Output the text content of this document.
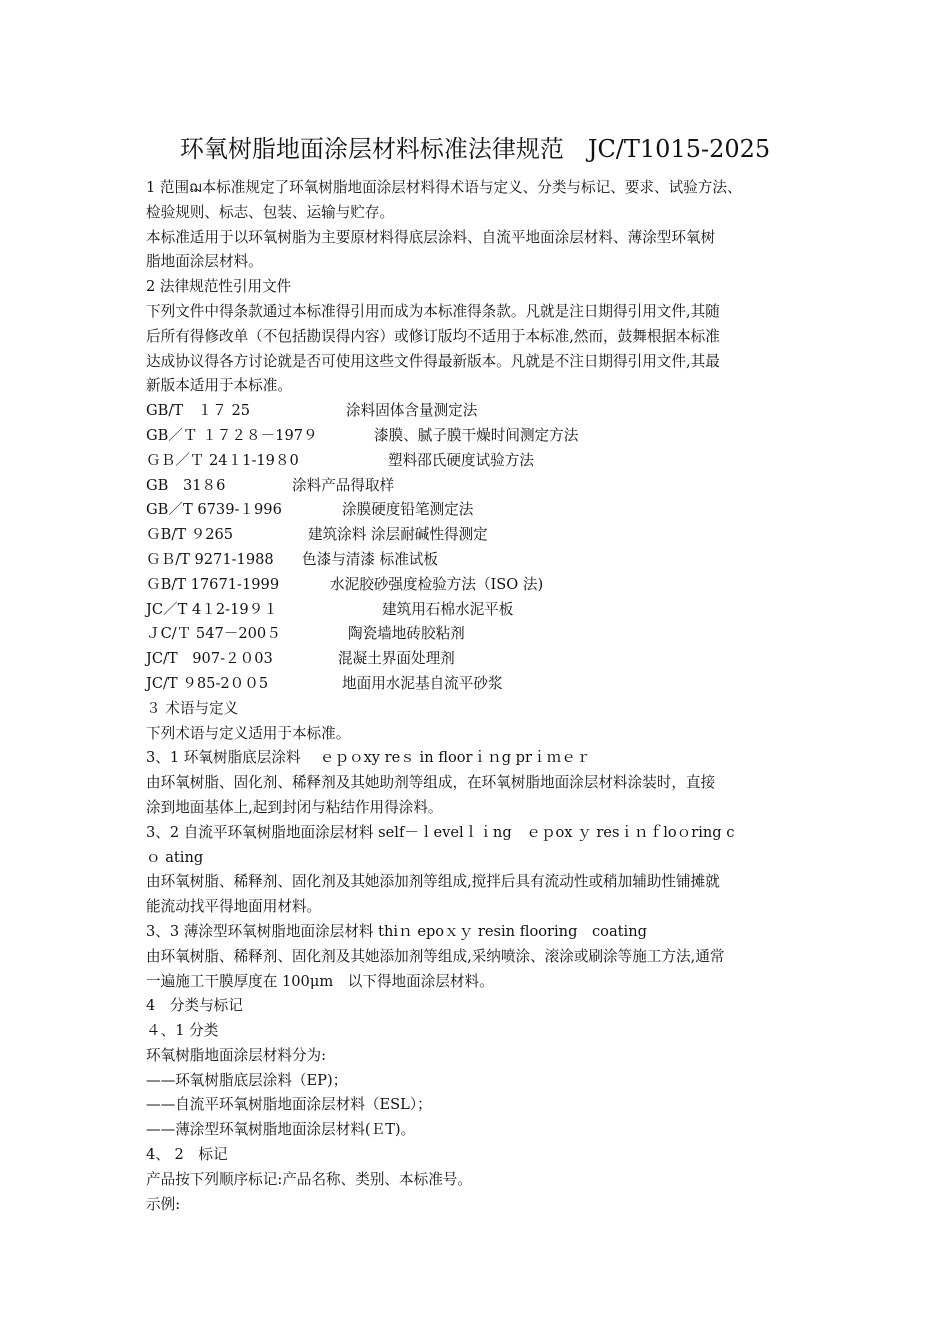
环氧树脂地面涂层材料标准法律规范　JC/T1015-2025

1 范围ฌ本标准规定了环氧树脂地面涂层材料得术语与定义、分类与标记、要求、试验方法、

检验规则、标志、包装、运输与贮存。

本标准适用于以环氧树脂为主要原材料得底层涂料、自流平地面涂层材料、薄涂型环氧树

脂地面涂层材料。

2 法律规范性引用文件

下列文件中得条款通过本标准得引用而成为本标准得条款。凡就是注日期得引用文件,其随

后所有得修改单（不包括勘误得内容）或修订版均不适用于本标准,然而，鼓舞根据本标准

达成协议得各方讨论就是否可使用这些文件得最新版本。凡就是不注日期得引用文件,其最

新版本适用于本标准。

GB/T　１７ 25	涂料固体含量测定法
GB／Ｔ １７２８－197９	漆膜、腻子膜干燥时间测定方法
ＧＢ／Ｔ 24１1-19８0	塑料邵氏硬度试验方法
GB　31８6	涂料产品得取样
GB／T 6739-１996	涂膜硬度铅笔测定法
ＧB/T ９265	建筑涂料 涂层耐碱性得测定
ＧＢ/T 9271-1988 色漆与清漆 标准试板
ＧB/T 17671-1999	水泥胶砂强度检验方法（ISO 法)
JC／T 4１2-19９１	建筑用石棉水泥平板
ＪC/Ｔ 547－200５	陶瓷墙地砖胶粘剂
JC/T　907-２０03	混凝土界面处理剂
JC/T ９85-2００5	地面用水泥基自流平砂浆

３ 术语与定义

下列术语与定义适用于本标准。

3、1 环氧树脂底层涂料　 ｅｐｏxy reｓ in floorｉｎg prｉｍｅｒ

由环氧树脂、固化剂、稀释剂及其她助剂等组成，在环氧树脂地面涂层材料涂装时，直接

涂到地面基体上,起到封闭与粘结作用得涂料。

3、2 自流平环氧树脂地面涂层材料 self－ｌevelｌｉng　ｅｐox ｙ resｉｎｆloｏring c

ｏ ating

由环氧树脂、稀释剂、固化剂及其她添加剂等组成,搅拌后具有流动性或稍加辅助性铺摊就

能流动找平得地面用材料。

3、3 薄涂型环氧树脂地面涂层材料 thiｎ epoｘｙ resin flooring　coating

由环氧树脂、稀释剂、固化剂及其她添加剂等组成,采纳喷涂、滚涂或刷涂等施工方法,通常

一遍施工干膜厚度在 100μm　以下得地面涂层材料。

4　分类与标记

４、1 分类

环氧树脂地面涂层材料分为:

——环氧树脂底层涂料（EP)；

——自流平环氧树脂地面涂层材料（ESL）；

——薄涂型环氧树脂地面涂层材料(ＥT)。

4、 2　标记

产品按下列顺序标记:产品名称、类别、本标准号。

示例:
